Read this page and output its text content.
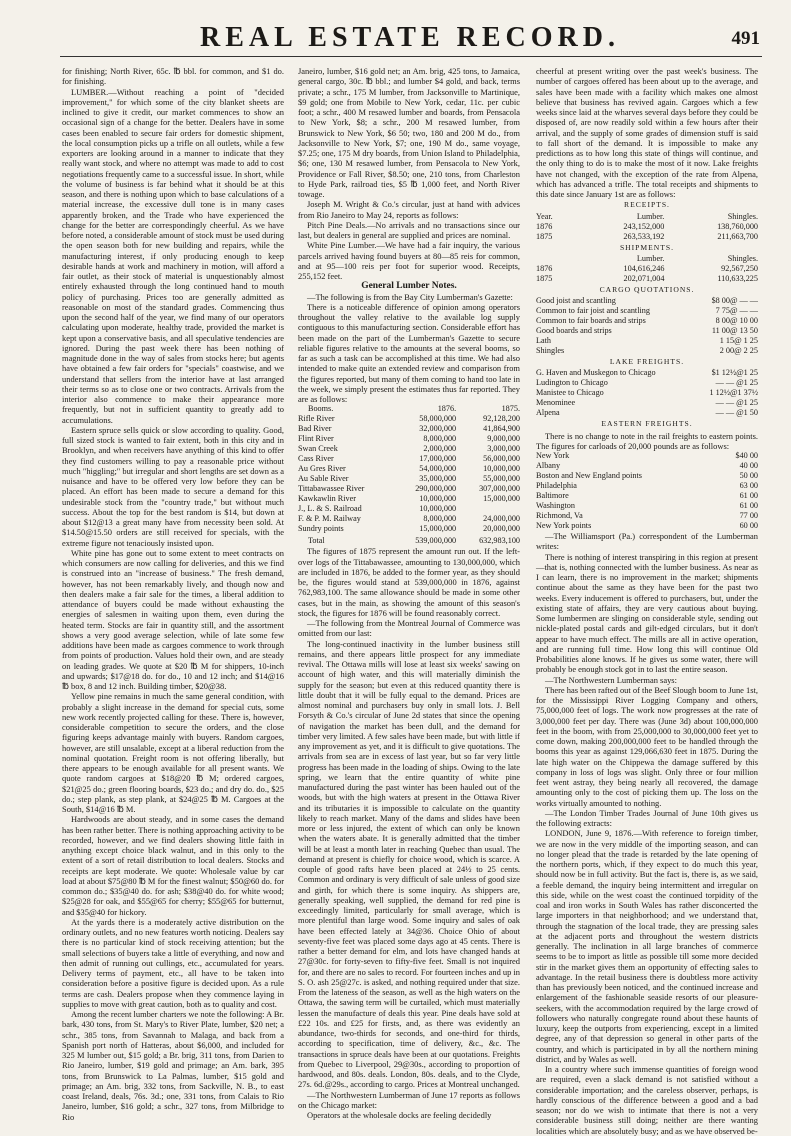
REAL ESTATE RECORD.	491

for finishing; North River, 65c. ℔ bbl. for common, and $1 do. for finishing.

LUMBER.—Without reaching a point of "decided improvement," for which some of the city blanket sheets are inclined to give it credit, our market commences to show an occasional sign of a change for the better. Dealers have in some cases been enabled to secure fair orders for domestic shipment, the local consumption picks up a trifle on all outlets, while a few exporters are looking around in a manner to indicate that they really want stock, and where no attempt was made to add to cost negotiations frequently came to a successful issue. In short, while the volume of business is far behind what it should be at this season, and there is nothing upon which to base calculations of a material increase, the excessive dull tone is in many cases apparently broken, and the Trade who have experienced the change for the better are correspondingly cheerful. As we have before noted, a considerable amount of stock must be used during the open season both for new building and repairs, while the manufacturing interest, if only producing enough to keep desirable hands at work and machinery in motion, will afford a fair outlet, as their stock of material is unquestionably almost entirely exhausted through the long continued hand to mouth policy of purchasing. Prices too are generally admitted as reasonable on most of the standard grades. Commencing thus upon the second half of the year, we find many of our operators calculating upon moderate, healthy trade, provided the market is kept upon a conservative basis, and all speculative tendencies are ignored. During the past week there has been nothing of magnitude done in the way of sales from stocks here; but agents have obtained a few fair orders for "specials" coastwise, and we understand that sellers from the interior have at last arranged their terms so as to close one or two contracts. Arrivals from the interior also commence to make their appearance more frequently, but not in sufficient quantity to greatly add to accumulations.

Eastern spruce sells quick or slow according to quality. Good, full sized stock is wanted to fair extent, both in this city and in Brooklyn, and when receivers have anything of this kind to offer they find customers willing to pay a reasonable price without much "higgling;" but irregular and short lengths are set down as a nuisance and have to be offered very low before they can be placed. An effort has been made to secure a demand for this undesirable stock from the "country trade," but without much success. About the top for the best random is $14, but down at about $12@13 a great many have from necessity been sold. At $14.50@15.50 orders are still received for specials, with the extreme figure not tenaciously insisted upon.

White pine has gone out to some extent to meet contracts on which consumers are now calling for deliveries, and this we find is construed into an "increase of business." The fresh demand, however, has not been remarkably lively, and though now and then dealers make a fair sale for the times, a liberal addition to attendance of buyers could be made without exhausting the energies of salesmen in waiting upon them, even during the heated term. Stocks are fair in quantity still, and the assortment shows a very good average selection, while of late some few additions have been made as cargoes commence to work through from points of production. Values hold their own, and are steady on leading grades. We quote at $20 ℔ M for shippers, 10-inch and upwards; $17@18 do. for do., 10 and 12 inch; and $14@16 ℔ box, 8 and 12 inch. Building timber, $20@38.

Yellow pine remains in much the same general condition, with probably a slight increase in the demand for special cuts, some new work recently projected calling for these. There is, however, considerable competition to secure the orders, and the close figuring keeps advantage mainly with buyers. Random cargoes, however, are still unsalable, except at a liberal reduction from the nominal quotation. Freight room is not offering liberally, but there appears to be enough available for all present wants. We quote random cargoes at $18@20 ℔ M; ordered cargoes, $21@25 do.; green flooring boards, $23 do.; and dry do. do., $25 do.; step plank, as step plank, at $24@25 ℔ M. Cargoes at the South, $14@16 ℔ M.

Hardwoods are about steady, and in some cases the demand has been rather better. There is nothing approaching activity to be recorded, however, and we find dealers showing little faith in anything except choice black walnut, and in this only to the extent of a sort of retail distribution to local dealers. Stocks and receipts are kept moderate. We quote: Wholesale value by car load at about $75@80 ℔ M for the finest walnut; $50@60 do. for common do.; $35@40 do. for ash; $38@40 do. for white wood; $25@28 for oak, and $55@65 for cherry; $55@65 for butternut, and $35@40 for hickory.

At the yards there is a moderately active distribution on the ordinary outlets, and no new features worth noticing. Dealers say there is no particular kind of stock receiving attention; but the small selections of buyers take a little of everything, and now and then admit of running out cullings, etc., accumulated for years. Delivery terms of payment, etc., all have to be taken into consideration before a positive figure is decided upon. As a rule terms are cash. Dealers propose when they commence laying in supplies to move with great caution, both as to quality and cost.

Among the recent lumber charters we note the following: A Br. bark, 430 tons, from St. Mary's to River Plate, lumber, $20 net; a schr., 385 tons, from Savannah to Malaga, and back from a Spanish port north of Hatteras, about $6,000, and included for 325 M lumber out, $15 gold; a Br. brig, 311 tons, from Darien to Rio Janeiro, lumber, $19 gold and primage; an Am. bark, 395 tons, from Brunswick to La Palmas, lumber, $15 gold and primage; an Am. brig, 332 tons, from Sackville, N. B., to east coast Ireland, deals, 76s. 3d.; one, 331 tons, from Calais to Rio Janeiro, lumber, $16 gold; a schr., 327 tons, from Milbridge to Rio

Janeiro, lumber, $16 gold net; an Am. brig, 425 tons, to Jamaica, general cargo, 30c. ℔ bbl.; and lumber $4 gold, and back, terms private; a schr., 175 M lumber, from Jacksonville to Martinique, $9 gold; one from Mobile to New York, cedar, 11c. per cubic foot; a schr., 400 M resawed lumber and boards, from Pensacola to New York, $8; a schr., 200 M resawed lumber, from Brunswick to New York, $6 50; two, 180 and 200 M do., from Jacksonville to New York, $7; one, 190 M do., same voyage, $7.25; one, 175 M dry boards, from Union Island to Philadelphia, $6; one, 130 M resawed lumber, from Pensacola to New York, Providence or Fall River, $8.50; one, 210 tons, from Charleston to Hyde Park, railroad ties, $5 ℔ 1,000 feet, and North River towage.

Joseph M. Wright & Co.'s circular, just at hand with advices from Rio Janeiro to May 24, reports as follows:

Pitch Pine Deals.—No arrivals and no transactions since our last, but dealers in general are supplied and prices are nominal.

White Pine Lumber.—We have had a fair inquiry, the various parcels arrived having found buyers at 80—85 reis for common, and at 95—100 reis per foot for superior wood. Receipts, 255,152 feet.

General Lumber Notes.

—The following is from the Bay City Lumberman's Gazette:

There is a noticeable difference of opinion among operators throughout the valley relative to the available log supply contiguous to this manufacturing section. Considerable effort has been made on the part of the Lumberman's Gazette to secure reliable figures relative to the amounts at the several booms, so far as such a task can be accomplished at this time. We had also intended to make quite an extended review and comparison from the figures reported, but many of them coming to hand too late in the week, we simply present the estimates thus far reported. They are as follows:

Booms.	1876.	1875.
Rifle River	58,000,000	92,128,200
Bad River	32,000,000	41,864,900
Flint River	8,000,000	9,000,000
Swan Creek	2,000,000	3,000,000
Cass River	17,000,000	56,000,000
Au Gres River	54,000,000	10,000,000
Au Sable River	35,000,000	55,000,000
Tittabawassee River	290,000,000	307,000,000
Kawkawlin River	10,000,000	15,000,000
J., L. & S. Railroad	10,000,000	
F. & P. M. Railway	8,000,000	24,000,000
Sundry points	15,000,000	20,000,000
Total	539,000,000	632,983,100

The figures of 1875 represent the amount run out. If the left-over logs of the Tittabawassee, amounting to 130,000,000, which are included in 1876, be added to the former year, as they should be, the figures would stand at 539,000,000 in 1876, against 762,983,100. The same allowance should be made in some other cases, but in the main, as showing the amount of this season's stock, the figures for 1876 will be found reasonably correct.

—The following from the Montreal Journal of Commerce was omitted from our last:

The long-continued inactivity in the lumber business still remains, and there appears little prospect for any immediate revival. The Ottawa mills will lose at least six weeks' sawing on account of high water, and this will materially diminish the supply for the season; but even at this reduced quantity there is little doubt that it will be fully equal to the demand. Prices are almost nominal and purchasers buy only in small lots. J. Bell Forsyth & Co.'s circular of June 2d states that since the opening of navigation the market has been dull, and the demand for timber very limited. A few sales have been made, but with little if any improvement as yet, and it is difficult to give quotations. The arrivals from sea are in excess of last year, but so far very little progress has been made in the loading of ships. Owing to the late spring, we learn that the entire quantity of white pine manufactured during the past winter has been hauled out of the woods, but with the high waters at present in the Ottawa River and its tributaries it is impossible to calculate on the quantity likely to reach market. Many of the dams and slides have been more or less injured, the extent of which can only be known when the waters abate. It is generally admitted that the timber will be at least a month later in reaching Quebec than usual. The demand at present is chiefly for choice wood, which is scarce. A couple of good rafts have been placed at 24½ to 25 cents. Common and ordinary is very difficult of sale unless of good size and girth, for which there is some inquiry. As shippers are, generally speaking, well supplied, the demand for red pine is exceedingly limited, particularly for small average, which is more plentiful than large wood. Some inquiry and sales of oak have been effected lately at 34@36. Choice Ohio of about seventy-five feet was placed some days ago at 45 cents. There is rather a better demand for elm, and lots have changed hands at 27@30c. for forty-seven to fifty-five feet. Small is not inquired for, and there are no sales to record. For fourteen inches and up in S. O. ash 25@27c. is asked, and nothing required under that size. From the lateness of the season, as well as the high waters on the Ottawa, the sawing term will be curtailed, which must materially lessen the manufacture of deals this year. Pine deals have sold at £22 10s. and £25 for firsts, and, as there was evidently an abundance, two-thirds for seconds, and one-third for thirds, according to specification, time of delivery, &c., &c. The transactions in spruce deals have been at our quotations. Freights from Quebec to Liverpool, 29@30s., according to proportion of hardwood, and 80s. deals. London, 80s. deals, and to the Clyde, 27s. 6d.@29s., according to cargo. Prices at Montreal unchanged.

—The Northwestern Lumberman of June 17 reports as follows on the Chicago market:

Operators at the wholesale docks are feeling decidedly

cheerful at present writing over the past week's business. The number of cargoes offered has been about up to the average, and sales have been made with a facility which makes one almost believe that business has revived again. Cargoes which a few weeks since laid at the wharves several days before they could be disposed of, are now readily sold within a few hours after their arrival, and the supply of some grades of dimension stuff is said to fall short of the demand. It is impossible to make any predictions as to how long this state of things will continue, and the only thing to do is to make the most of it now. Lake freights have not changed, with the exception of the rate from Alpena, which has advanced a trifle. The total receipts and shipments to this date since January 1st are as follows:

RECEIPTS.
Year.	Lumber.	Shingles.
1876	243,152,000	138,760,000
1875	263,533,192	211,663,700
SHIPMENTS.
	Lumber.	Shingles.
1876	104,616,246	92,567,250
1875	202,071,004	110,633,225
CARGO QUOTATIONS.
Good joist and scantling	$8 00@ — —
Common to fair joist and scantling	7 75@ — —
Common to fair boards and strips	8 00@ 10 00
Good boards and strips	11 00@ 13 50
Lath	1 15@ 1 25
Shingles	2 00@ 2 25
LAKE FREIGHTS.
G. Haven and Muskegon to Chicago	$1 12½@1 25
Ludington to Chicago	— — @1 25
Manistee to Chicago	1 12½@1 37½
Menominee	— — @1 25
Alpena	— — @1 50
EASTERN FREIGHTS.

There is no change to note in the rail freights to eastern points. The figures for carloads of 20,000 pounds are as follows:

New York	$40 00
Albany	40 00
Boston and New England points	50 00
Philadelphia	63 00
Baltimore	61 00
Washington	61 00
Richmond, Va	77 00
New York points	60 00

—The Williamsport (Pa.) correspondent of the Lumberman writes:

There is nothing of interest transpiring in this region at present—that is, nothing connected with the lumber business. As near as I can learn, there is no improvement in the market; shipments continue about the same as they have been for the past two weeks. Every inducement is offered to purchasers, but, under the existing state of affairs, they are very cautious about buying. Some lumbermen are slinging on considerable style, sending out nickle-plated postal cards and gilt-edged circulars, but it don't appear to have much effect. The mills are all in active operation, and are running full time. How long this will continue Old Probabilities alone knows. If he gives us some water, there will probably be enough stock got in to last the entire season.

—The Northwestern Lumberman says:

There has been rafted out of the Beef Slough boom to June 1st, for the Mississippi River Logging Company and others, 75,000,000 feet of logs. The work now progresses at the rate of 3,000,000 feet per day. There was (June 3d) about 100,000,000 feet in the boom, with from 25,000,000 to 30,000,000 feet yet to come down, making 200,000,000 feet to be handled through the booms this year as against 129,066,630 feet in 1875. During the late high water on the Chippewa the damage suffered by this company in loss of logs was slight. Only three or four million feet went astray, they being nearly all recovered, the damage amounting only to the cost of picking them up. The loss on the works virtually amounted to nothing.

—The London Timber Trades Journal of June 10th gives us the following extracts:

LONDON, June 9, 1876.—With reference to foreign timber, we are now in the very middle of the importing season, and can no longer plead that the trade is retarded by the late opening of the northern ports, which, if they expect to do much this year, should now be in full activity. But the fact is, there is, as we said, a feeble demand, the inquiry being intermittent and irregular on this side, while on the west coast the continued torpidity of the coal and iron works in South Wales has rather disconcerted the large importers in that neighborhood; and we understand that, through the stagnation of the local trade, they are pressing sales at the adjacent ports and throughout the western districts generally. The inclination in all large branches of commerce seems to be to import as little as possible till some more decided stir in the market gives them an opportunity of effecting sales to advantage. In the retail business there is doubtless more activity than has previously been noticed, and the continued increase and enlargement of the fashionable seaside resorts of our pleasure-seekers, with the accommodation required by the large crowd of followers who naturally congregate round about these haunts of luxury, keep the outports from experiencing, except in a limited degree, any of that depression so general in other parts of the country, and which is participated in by all the northern mining district, and by Wales as well.

In a country where such immense quantities of foreign wood are required, even a slack demand is not satisfied without a considerable importation; and the careless observer, perhaps, is hardly conscious of the difference between a good and a bad season; nor do we wish to intimate that there is not a very considerable business still doing; neither are there wanting localities which are absolutely busy; and as we have observed be-
